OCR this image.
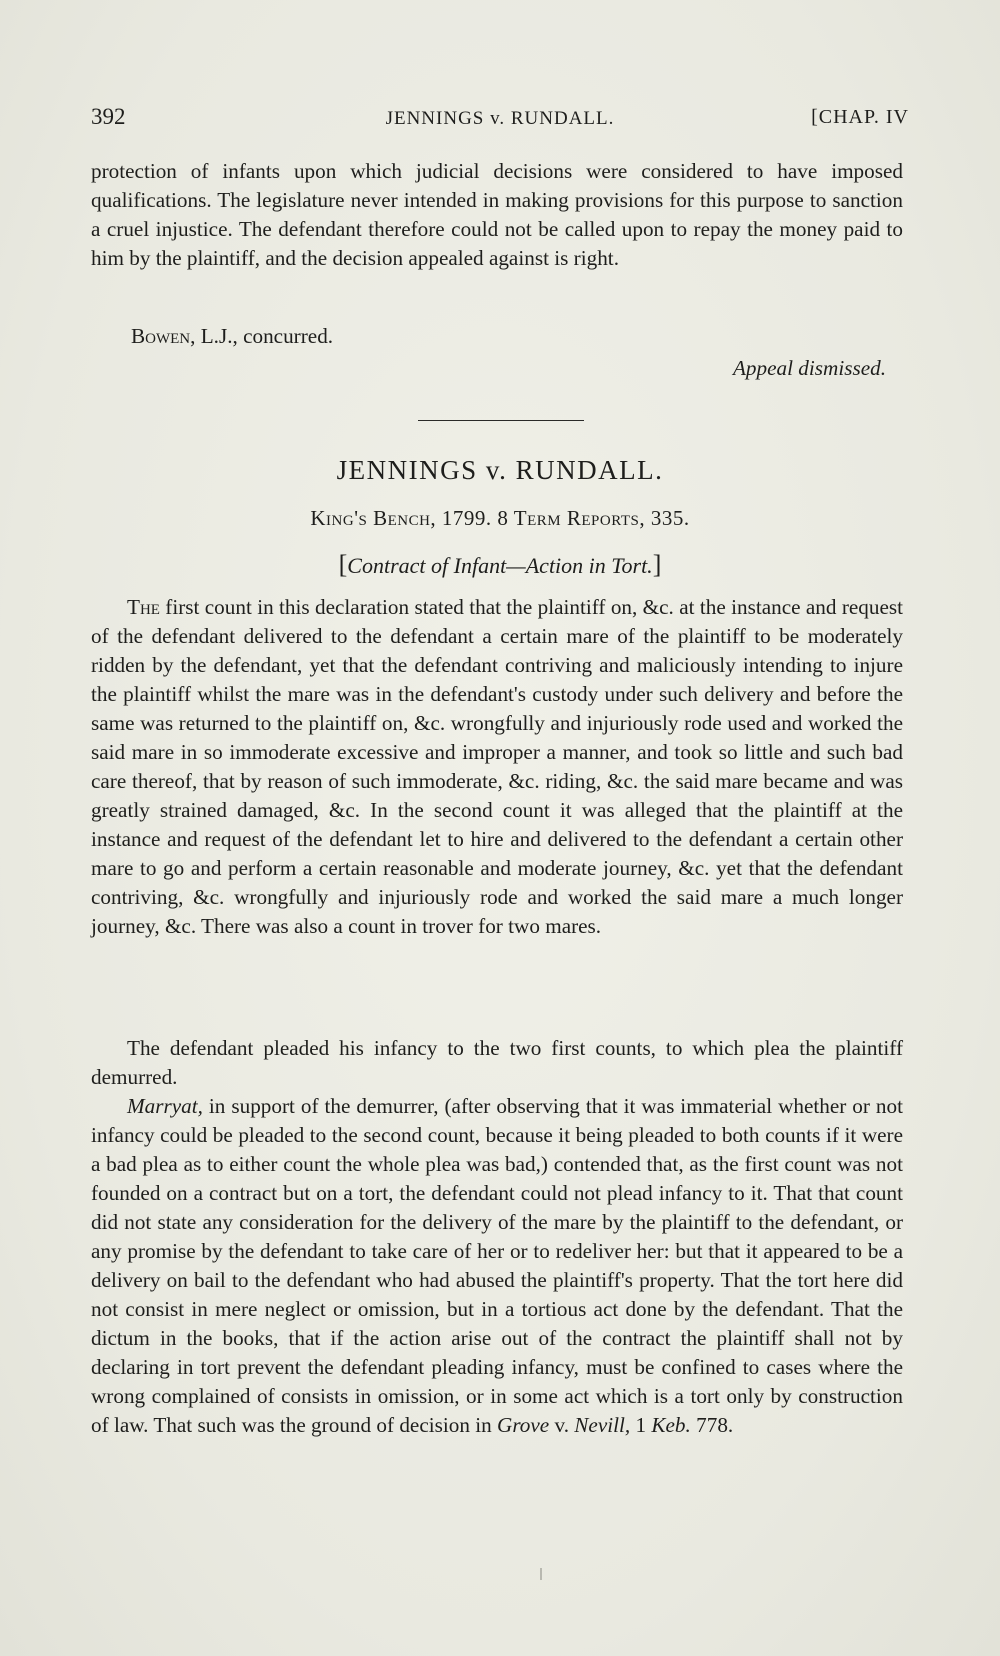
392	JENNINGS v. RUNDALL.	[CHAP. IV

protection of infants upon which judicial decisions were considered to have imposed qualifications. The legislature never intended in making provisions for this purpose to sanction a cruel injustice. The defendant therefore could not be called upon to repay the money paid to him by the plaintiff, and the decision appealed against is right.

Bowen, L.J., concurred.
Appeal dismissed.
JENNINGS v. RUNDALL.
King's Bench, 1799. 8 Term Reports, 335.
[Contract of Infant—Action in Tort.]

The first count in this declaration stated that the plaintiff on, &c. at the instance and request of the defendant delivered to the defendant a certain mare of the plaintiff to be moderately ridden by the defendant, yet that the defendant contriving and maliciously intending to injure the plaintiff whilst the mare was in the defendant's custody under such delivery and before the same was returned to the plaintiff on, &c. wrongfully and injuriously rode used and worked the said mare in so immoderate excessive and improper a manner, and took so little and such bad care thereof, that by reason of such immoderate, &c. riding, &c. the said mare became and was greatly strained damaged, &c. In the second count it was alleged that the plaintiff at the instance and request of the defendant let to hire and delivered to the defendant a certain other mare to go and perform a certain reasonable and moderate journey, &c. yet that the defendant contriving, &c. wrongfully and injuriously rode and worked the said mare a much longer journey, &c. There was also a count in trover for two mares.

The defendant pleaded his infancy to the two first counts, to which plea the plaintiff demurred.

Marryat, in support of the demurrer, (after observing that it was immaterial whether or not infancy could be pleaded to the second count, because it being pleaded to both counts if it were a bad plea as to either count the whole plea was bad,) contended that, as the first count was not founded on a contract but on a tort, the defendant could not plead infancy to it. That that count did not state any consideration for the delivery of the mare by the plaintiff to the defendant, or any promise by the defendant to take care of her or to redeliver her: but that it appeared to be a delivery on bail to the defendant who had abused the plaintiff's property. That the tort here did not consist in mere neglect or omission, but in a tortious act done by the defendant. That the dictum in the books, that if the action arise out of the contract the plaintiff shall not by declaring in tort prevent the defendant pleading infancy, must be confined to cases where the wrong complained of consists in omission, or in some act which is a tort only by construction of law. That such was the ground of decision in Grove v. Nevill, 1 Keb. 778.
